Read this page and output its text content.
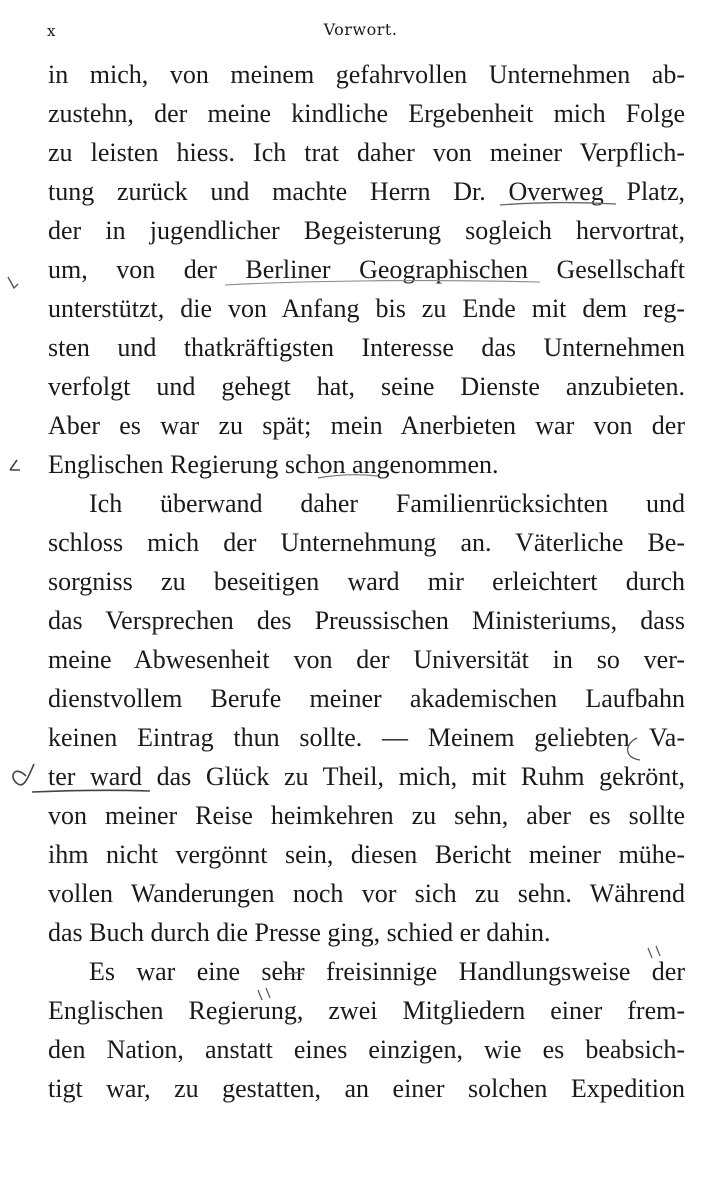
x	Vorwort.
in mich, von meinem gefahrvollen Unternehmen ab-
zustehn, der meine kindliche Ergebenheit mich Folge
zu leisten hiess. Ich trat daher von meiner Verpflich-
tung zurück und machte Herrn Dr. Overweg Platz,
der in jugendlicher Begeisterung sogleich hervortrat,
um, von der Berliner Geographischen Gesellschaft
unterstützt, die von Anfang bis zu Ende mit dem reg-
sten und thatkräftigsten Interesse das Unternehmen
verfolgt und gehegt hat, seine Dienste anzubieten.
Aber es war zu spät; mein Anerbieten war von der
Englischen Regierung schon angenommen.
Ich überwand daher Familienrücksichten und
schloss mich der Unternehmung an. Väterliche Be-
sorgniss zu beseitigen ward mir erleichtert durch
das Versprechen des Preussischen Ministeriums, dass
meine Abwesenheit von der Universität in so ver-
dienstvollem Berufe meiner akademischen Laufbahn
keinen Eintrag thun sollte. — Meinem geliebten Va-
ter ward das Glück zu Theil, mich, mit Ruhm gekrönt,
von meiner Reise heimkehren zu sehn, aber es sollte
ihm nicht vergönnt sein, diesen Bericht meiner mühe-
vollen Wanderungen noch vor sich zu sehn. Während
das Buch durch die Presse ging, schied er dahin.
Es war eine sehr freisinnige Handlungsweise der
Englischen Regierung, zwei Mitgliedern einer frem-
den Nation, anstatt eines einzigen, wie es beabsich-
tigt war, zu gestatten, an einer solchen Expedition
